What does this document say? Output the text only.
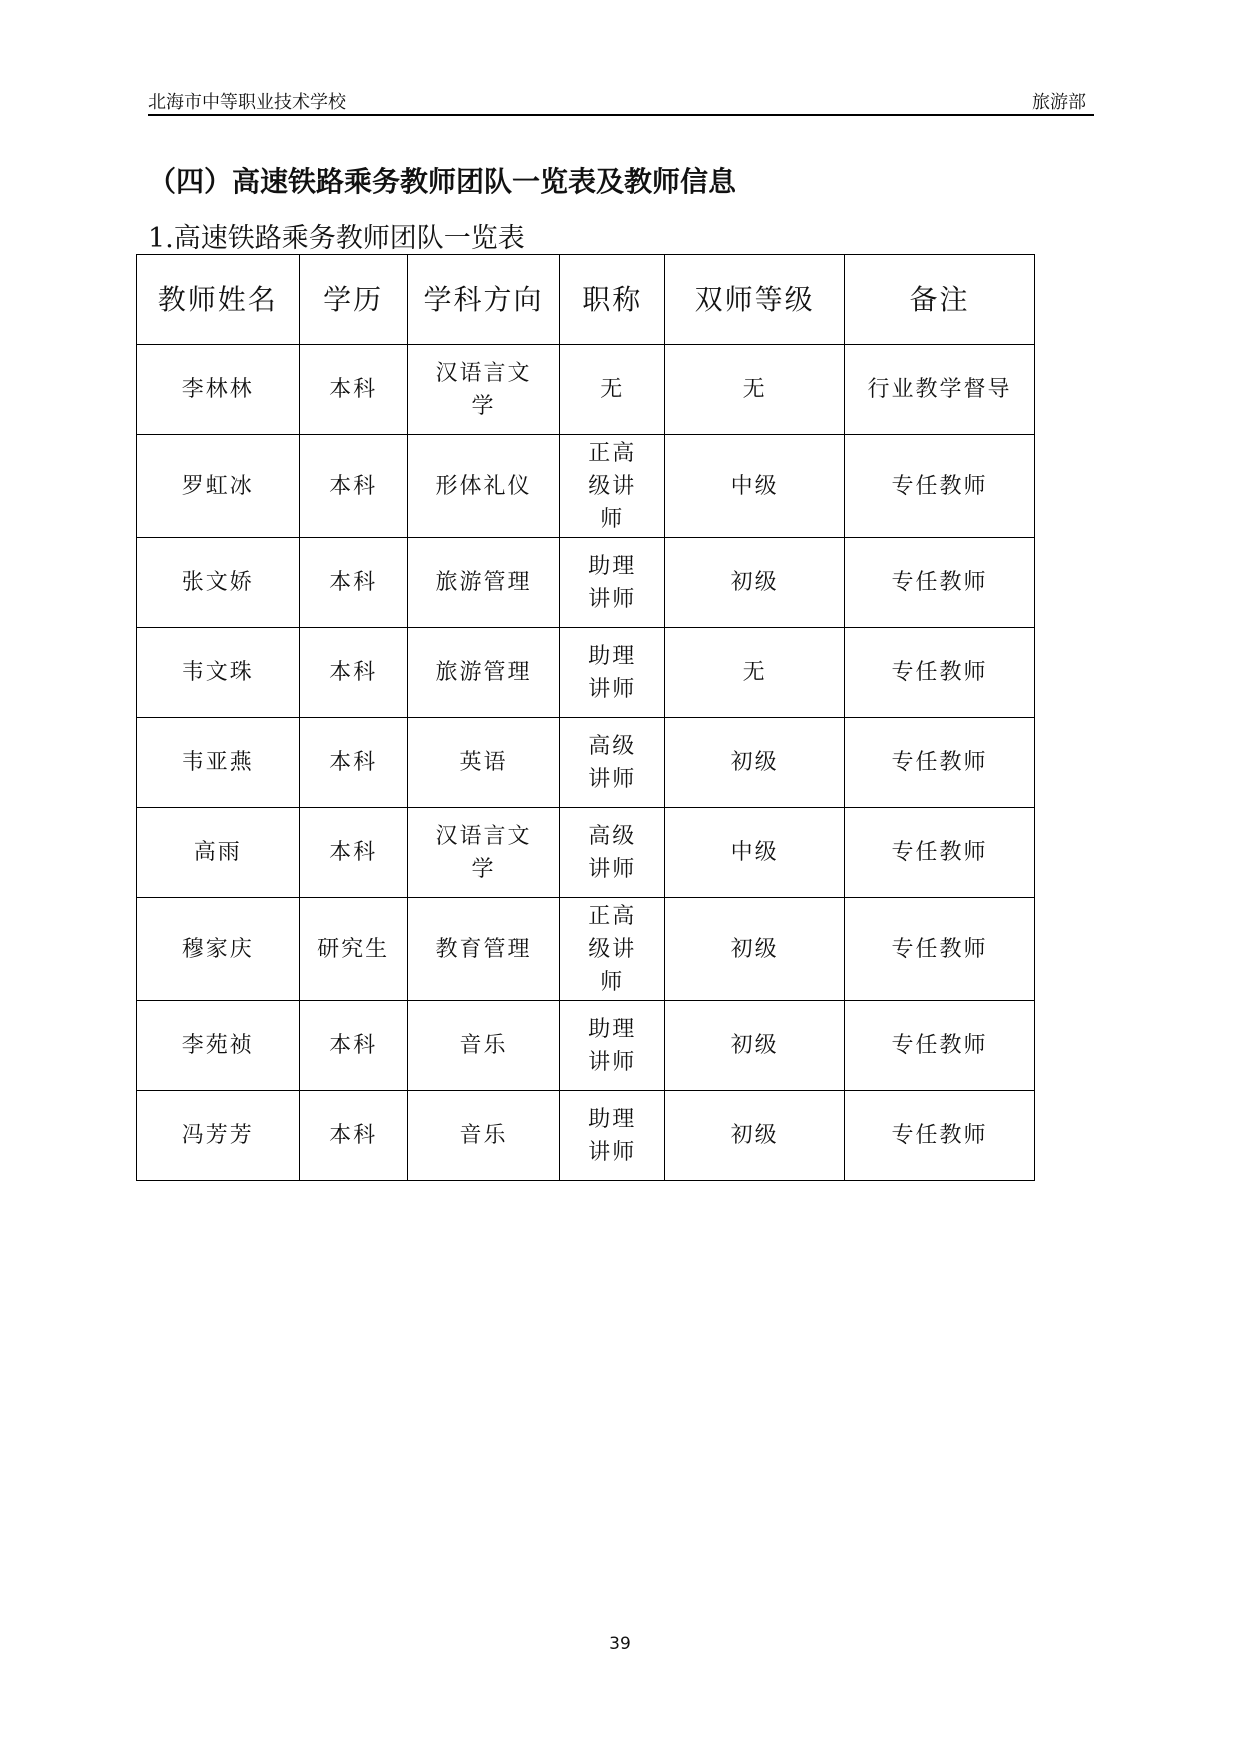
北海市中等职业技术学校	旅游部
（四）高速铁路乘务教师团队一览表及教师信息
1.高速铁路乘务教师团队一览表
教师姓名	学历	学科方向	职称	双师等级	备注
李林林	本科	汉语言文学	无	无	行业教学督导
罗虹冰	本科	形体礼仪	正高级讲师	中级	专任教师
张文娇	本科	旅游管理	助理讲师	初级	专任教师
韦文珠	本科	旅游管理	助理讲师	无	专任教师
韦亚燕	本科	英语	高级讲师	初级	专任教师
高雨	本科	汉语言文学	高级讲师	中级	专任教师
穆家庆	研究生	教育管理	正高级讲师	初级	专任教师
李苑祯	本科	音乐	助理讲师	初级	专任教师
冯芳芳	本科	音乐	助理讲师	初级	专任教师
39
